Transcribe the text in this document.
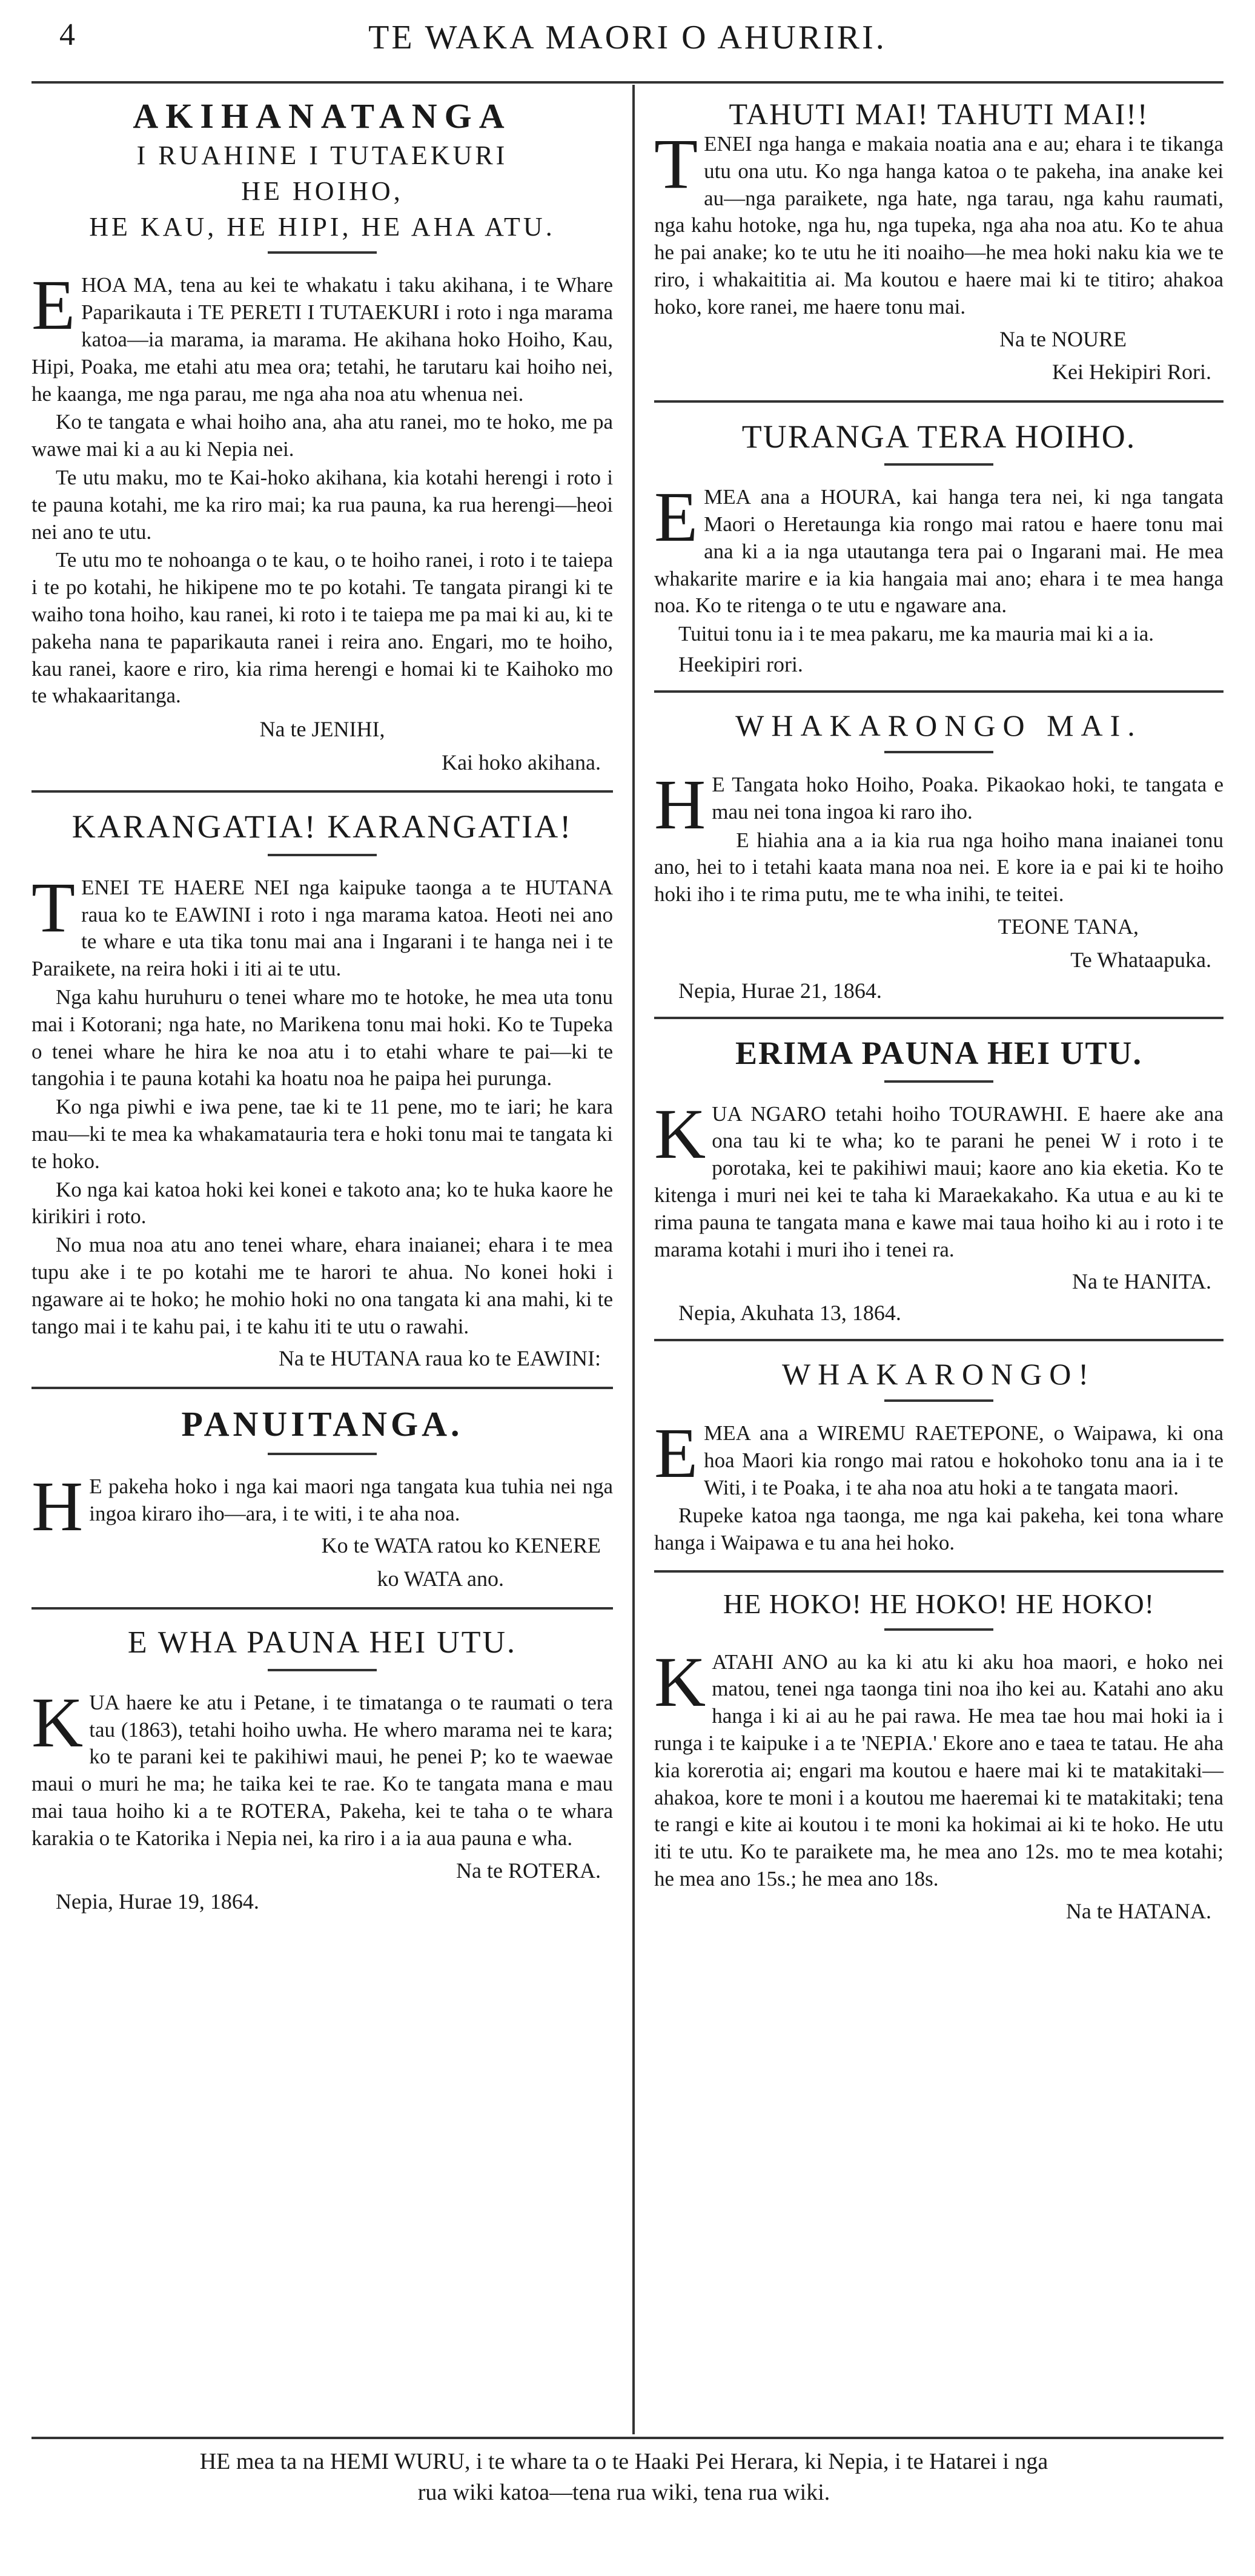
4	TE WAKA MAORI O AHURIRI.
AKIHANATANGA
I RUAHINE I TUTAEKURI
HE HOIHO,
HE KAU, HE HIPI, HE AHA ATU.

EHOA MA, tena au kei te whakatu i taku akihana, i te Whare Paparikauta i TE PERETI I TUTAEKURI i roto i nga marama katoa—ia marama, ia marama. He akihana hoko Hoiho, Kau, Hipi, Poaka, me etahi atu mea ora; tetahi, he tarutaru kai hoiho nei, he kaanga, me nga parau, me nga aha noa atu whenua nei.

Ko te tangata e whai hoiho ana, aha atu ranei, mo te hoko, me pa wawe mai ki a au ki Nepia nei.

Te utu maku, mo te Kai-hoko akihana, kia kotahi herengi i roto i te pauna kotahi, me ka riro mai; ka rua pauna, ka rua herengi—heoi nei ano te utu.

Te utu mo te nohoanga o te kau, o te hoiho ranei, i roto i te taiepa i te po kotahi, he hikipene mo te po kotahi. Te tangata pirangi ki te waiho tona hoiho, kau ranei, ki roto i te taiepa me pa mai ki au, ki te pakeha nana te paparikauta ranei i reira ano. Engari, mo te hoiho, kau ranei, kaore e riro, kia rima herengi e homai ki te Kaihoko mo te whakaaritanga.

Na te JENIHI,
Kai hoko akihana.
KARANGATIA! KARANGATIA!

TENEI TE HAERE NEI nga kaipuke taonga a te HUTANA raua ko te EAWINI i roto i nga marama katoa. Heoti nei ano te whare e uta tika tonu mai ana i Ingarani i te hanga nei i te Paraikete, na reira hoki i iti ai te utu.

Nga kahu huruhuru o tenei whare mo te hotoke, he mea uta tonu mai i Kotorani; nga hate, no Marikena tonu mai hoki. Ko te Tupeka o tenei whare he hira ke noa atu i to etahi whare te pai—ki te tangohia i te pauna kotahi ka hoatu noa he paipa hei purunga.

Ko nga piwhi e iwa pene, tae ki te 11 pene, mo te iari; he kara mau—ki te mea ka whakamatauria tera e hoki tonu mai te tangata ki te hoko.

Ko nga kai katoa hoki kei konei e takoto ana; ko te huka kaore he kirikiri i roto.

No mua noa atu ano tenei whare, ehara inaianei; ehara i te mea tupu ake i te po kotahi me te harori te ahua. No konei hoki i ngaware ai te hoko; he mohio hoki no ona tangata ki ana mahi, ki te tango mai i te kahu pai, i te kahu iti te utu o rawahi.

Na te HUTANA raua ko te EAWINI:
PANUITANGA.

H E pakeha hoko i nga kai maori nga tangata kua tuhia nei nga ingoa kiraro iho—ara, i te witi, i te aha noa.

Ko te WATA ratou ko KENERE
ko WATA ano.
E WHA PAUNA HEI UTU.

KUA haere ke atu i Petane, i te timatanga o te raumati o tera tau (1863), tetahi hoiho uwha. He whero marama nei te kara; ko te parani kei te pakihiwi maui, he penei P; ko te waewae maui o muri he ma; he taika kei te rae. Ko te tangata mana e mau mai taua hoiho ki a te ROTERA, Pakeha, kei te taha o te whara karakia o te Katorika i Nepia nei, ka riro i a ia aua pauna e wha.

Na te ROTERA.
Nepia, Hurae 19, 1864.
TAHUTI MAI! TAHUTI MAI!!

TENEI nga hanga e makaia noatia ana e au; ehara i te tikanga utu ona utu. Ko nga hanga katoa o te pakeha, ina anake kei au—nga paraikete, nga hate, nga tarau, nga kahu raumati, nga kahu hotoke, nga hu, nga tupeka, nga aha noa atu. Ko te ahua he pai anake; ko te utu he iti noaiho—he mea hoki naku kia we te riro, i whakaititia ai. Ma koutou e haere mai ki te titiro; ahakoa hoko, kore ranei, me haere tonu mai.

Na te NOURE
Kei Hekipiri Rori.
TURANGA TERA HOIHO.

EMEA ana a HOURA, kai hanga tera nei, ki nga tangata Maori o Heretaunga kia rongo mai ratou e haere tonu mai ana ki a ia nga utautanga tera pai o Ingarani mai. He mea whakarite marire e ia kia hangaia mai ano; ehara i te mea hanga noa. Ko te ritenga o te utu e ngaware ana.

Tuitui tonu ia i te mea pakaru, me ka mauria mai ki a ia.

Heekipiri rori.
WHAKARONGO MAI.

H E Tangata hoko Hoiho, Poaka. Pikaokao hoki, te tangata e mau nei tona ingoa ki raro iho.

E hiahia ana a ia kia rua nga hoiho mana inaianei tonu ano, hei to i tetahi kaata mana noa nei. E kore ia e pai ki te hoiho hoki iho i te rima putu, me te wha inihi, te teitei.

TEONE TANA,
Te Whataapuka.
Nepia, Hurae 21, 1864.
ERIMA PAUNA HEI UTU.

KUA NGARO tetahi hoiho TOURAWHI. E haere ake ana ona tau ki te wha; ko te parani he penei W i roto i te porotaka, kei te pakihiwi maui; kaore ano kia eketia. Ko te kitenga i muri nei kei te taha ki Maraekakaho. Ka utua e au ki te rima pauna te tangata mana e kawe mai taua hoiho ki au i roto i te marama kotahi i muri iho i tenei ra.

Na te HANITA.
Nepia, Akuhata 13, 1864.
WHAKARONGO!

EMEA ana a WIREMU RAETEPONE, o Waipawa, ki ona hoa Maori kia rongo mai ratou e hokohoko tonu ana ia i te Witi, i te Poaka, i te aha noa atu hoki a te tangata maori.

Rupeke katoa nga taonga, me nga kai pakeha, kei tona whare hanga i Waipawa e tu ana hei hoko.

HE HOKO! HE HOKO! HE HOKO!

KATAHI ANO au ka ki atu ki aku hoa maori, e hoko nei matou, tenei nga taonga tini noa iho kei au. Katahi ano aku hanga i ki ai au he pai rawa. He mea tae hou mai hoki ia i runga i te kaipuke i a te 'NEPIA.' Ekore ano e taea te tatau. He aha kia korerotia ai; engari ma koutou e haere mai ki te matakitaki—ahakoa, kore te moni i a koutou me haeremai ki te matakitaki; tena te rangi e kite ai koutou i te moni ka hokimai ai ki te hoko. He utu iti te utu. Ko te paraikete ma, he mea ano 12s. mo te mea kotahi; he mea ano 15s.; he mea ano 18s.

Na te HATANA.
HE mea ta na HEMI WURU, i te whare ta o te Haaki Pei Herara, ki Nepia, i te Hatarei i nga
rua wiki katoa—tena rua wiki, tena rua wiki.
